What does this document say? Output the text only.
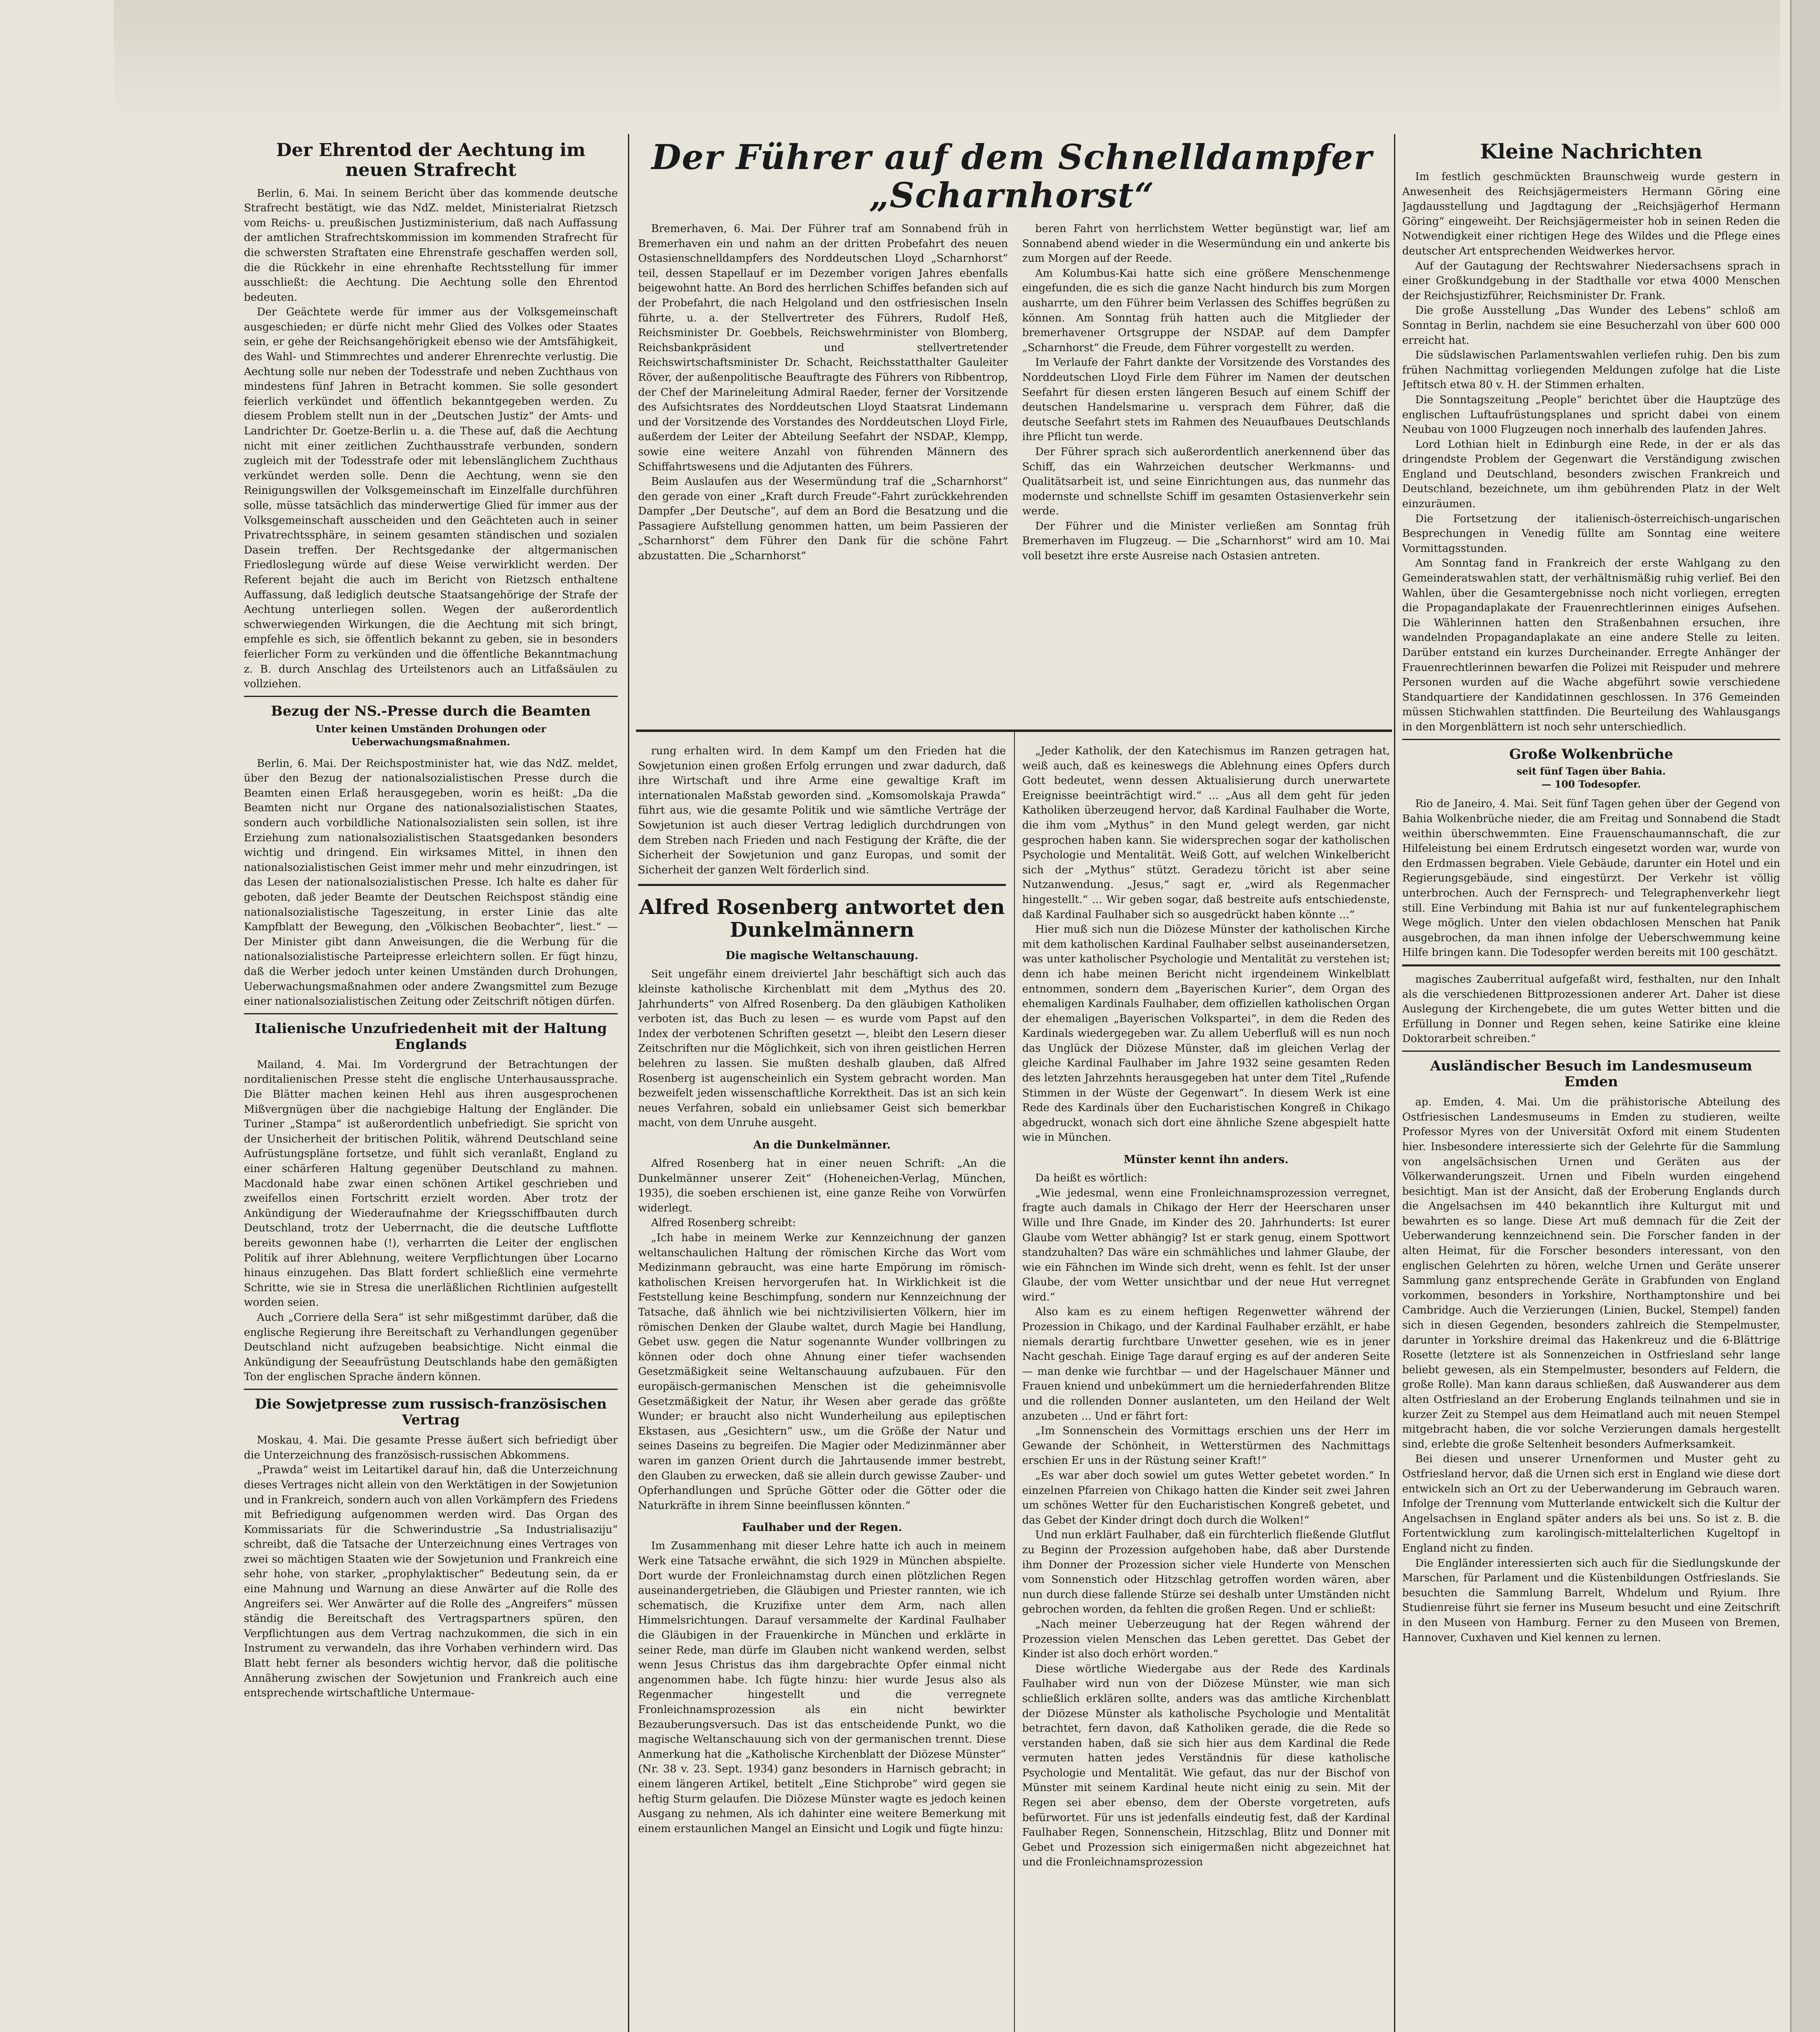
Der Ehrentod der Aechtung im neuen Strafrecht

Berlin, 6. Mai. In seinem Bericht über das kommende deutsche Strafrecht bestätigt, wie das NdZ. meldet, Ministerialrat Rietzsch vom Reichs- u. preußischen Justizministerium, daß nach Auffassung der amtlichen Strafrechtskommission im kommenden Strafrecht für die schwersten Straftaten eine Ehrenstrafe geschaffen werden soll, die die Rückkehr in eine ehrenhafte Rechtsstellung für immer ausschließt: die Aechtung. Die Aechtung solle den Ehrentod bedeuten.

Der Geächtete werde für immer aus der Volksgemeinschaft ausgeschieden; er dürfe nicht mehr Glied des Volkes oder Staates sein, er gehe der Reichsangehörigkeit ebenso wie der Amtsfähigkeit, des Wahl- und Stimmrechtes und anderer Ehrenrechte verlustig. Die Aechtung solle nur neben der Todesstrafe und neben Zuchthaus von mindestens fünf Jahren in Betracht kommen. Sie solle gesondert feierlich verkündet und öffentlich bekanntgegeben werden. Zu diesem Problem stellt nun in der „Deutschen Justiz“ der Amts- und Landrichter Dr. Goetze-Berlin u. a. die These auf, daß die Aechtung nicht mit einer zeitlichen Zuchthausstrafe verbunden, sondern zugleich mit der Todesstrafe oder mit lebenslänglichem Zuchthaus verkündet werden solle. Denn die Aechtung, wenn sie den Reinigungswillen der Volksgemeinschaft im Einzelfalle durchführen solle, müsse tatsächlich das minderwertige Glied für immer aus der Volksgemeinschaft ausscheiden und den Geächteten auch in seiner Privatrechtssphäre, in seinem gesamten ständischen und sozialen Dasein treffen. Der Rechtsgedanke der altgermanischen Friedloslegung würde auf diese Weise verwirklicht werden. Der Referent bejaht die auch im Bericht von Rietzsch enthaltene Auffassung, daß lediglich deutsche Staatsangehörige der Strafe der Aechtung unterliegen sollen. Wegen der außerordentlich schwerwiegenden Wirkungen, die die Aechtung mit sich bringt, empfehle es sich, sie öffentlich bekannt zu geben, sie in besonders feierlicher Form zu verkünden und die öffentliche Bekanntmachung z. B. durch Anschlag des Urteilstenors auch an Litfaßsäulen zu vollziehen.

Bezug der NS.-Presse durch die Beamten
Unter keinen Umständen Drohungen oder Ueberwachungsmaßnahmen.

Berlin, 6. Mai. Der Reichspostminister hat, wie das NdZ. meldet, über den Bezug der nationalsozialistischen Presse durch die Beamten einen Erlaß herausgegeben, worin es heißt: „Da die Beamten nicht nur Organe des nationalsozialistischen Staates, sondern auch vorbildliche Nationalsozialisten sein sollen, ist ihre Erziehung zum nationalsozialistischen Staatsgedanken besonders wichtig und dringend. Ein wirksames Mittel, in ihnen den nationalsozialistischen Geist immer mehr und mehr einzudringen, ist das Lesen der nationalsozialistischen Presse. Ich halte es daher für geboten, daß jeder Beamte der Deutschen Reichspost ständig eine nationalsozialistische Tageszeitung, in erster Linie das alte Kampfblatt der Bewegung, den „Völkischen Beobachter“, liest.“ — Der Minister gibt dann Anweisungen, die die Werbung für die nationalsozialistische Parteipresse erleichtern sollen. Er fügt hinzu, daß die Werber jedoch unter keinen Umständen durch Drohungen, Ueberwachungsmaßnahmen oder andere Zwangsmittel zum Bezuge einer nationalsozialistischen Zeitung oder Zeitschrift nötigen dürfen.

Italienische Unzufriedenheit mit der Haltung Englands

Mailand, 4. Mai. Im Vordergrund der Betrachtungen der norditalienischen Presse steht die englische Unterhausaussprache. Die Blätter machen keinen Hehl aus ihren ausgesprochenen Mißvergnügen über die nachgiebige Haltung der Engländer. Die Turiner „Stampa“ ist außerordentlich unbefriedigt. Sie spricht von der Unsicherheit der britischen Politik, während Deutschland seine Aufrüstungspläne fortsetze, und fühlt sich veranlaßt, England zu einer schärferen Haltung gegenüber Deutschland zu mahnen. Macdonald habe zwar einen schönen Artikel geschrieben und zweifellos einen Fortschritt erzielt worden. Aber trotz der Ankündigung der Wiederaufnahme der Kriegsschiffbauten durch Deutschland, trotz der Ueberrnacht, die die deutsche Luftflotte bereits gewonnen habe (!), verharrten die Leiter der englischen Politik auf ihrer Ablehnung, weitere Verpflichtungen über Locarno hinaus einzugehen. Das Blatt fordert schließlich eine vermehrte Schritte, wie sie in Stresa die unerläßlichen Richtlinien aufgestellt worden seien.

Auch „Corriere della Sera“ ist sehr mißgestimmt darüber, daß die englische Regierung ihre Bereitschaft zu Verhandlungen gegenüber Deutschland nicht aufzugeben beabsichtige. Nicht einmal die Ankündigung der Seeaufrüstung Deutschlands habe den gemäßigten Ton der englischen Sprache ändern können.

Die Sowjetpresse zum russisch-französischen Vertrag

Moskau, 4. Mai. Die gesamte Presse äußert sich befriedigt über die Unterzeichnung des französisch-russischen Abkommens.

„Prawda“ weist im Leitartikel darauf hin, daß die Unterzeichnung dieses Vertrages nicht allein von den Werktätigen in der Sowjetunion und in Frankreich, sondern auch von allen Vorkämpfern des Friedens mit Befriedigung aufgenommen werden wird. Das Organ des Kommissariats für die Schwerindustrie „Sa Industrialisaziju“ schreibt, daß die Tatsache der Unterzeichnung eines Vertrages von zwei so mächtigen Staaten wie der Sowjetunion und Frankreich eine sehr hohe, von starker, „prophylaktischer“ Bedeutung sein, da er eine Mahnung und Warnung an diese Anwärter auf die Rolle des Angreifers sei. Wer Anwärter auf die Rolle des „Angreifers“ müssen ständig die Bereitschaft des Vertragspartners spüren, den Verpflichtungen aus dem Vertrag nachzukommen, die sich in ein Instrument zu verwandeln, das ihre Vorhaben verhindern wird. Das Blatt hebt ferner als besonders wichtig hervor, daß die politische Annäherung zwischen der Sowjetunion und Frankreich auch eine entsprechende wirtschaftliche Untermaue-

Der Führer auf dem Schnelldampfer „Scharnhorst“

Bremerhaven, 6. Mai. Der Führer traf am Sonnabend früh in Bremerhaven ein und nahm an der dritten Probefahrt des neuen Ostasienschnelldampfers des Norddeutschen Lloyd „Scharnhorst“ teil, dessen Stapellauf er im Dezember vorigen Jahres ebenfalls beigewohnt hatte. An Bord des herrlichen Schiffes befanden sich auf der Probefahrt, die nach Helgoland und den ostfriesischen Inseln führte, u. a. der Stellvertreter des Führers, Rudolf Heß, Reichsminister Dr. Goebbels, Reichswehrminister von Blomberg, Reichsbankpräsident und stellvertretender Reichswirtschaftsminister Dr. Schacht, Reichsstatthalter Gauleiter Röver, der außenpolitische Beauftragte des Führers von Ribbentrop, der Chef der Marineleitung Admiral Raeder, ferner der Vorsitzende des Aufsichtsrates des Norddeutschen Lloyd Staatsrat Lindemann und der Vorsitzende des Vorstandes des Norddeutschen Lloyd Firle, außerdem der Leiter der Abteilung Seefahrt der NSDAP., Klempp, sowie eine weitere Anzahl von führenden Männern des Schiffahrtswesens und die Adjutanten des Führers.

Beim Auslaufen aus der Wesermündung traf die „Scharnhorst“ den gerade von einer „Kraft durch Freude“-Fahrt zurückkehrenden Dampfer „Der Deutsche“, auf dem an Bord die Besatzung und die Passagiere Aufstellung genommen hatten, um beim Passieren der „Scharnhorst“ dem Führer den Dank für die schöne Fahrt abzustatten. Die „Scharnhorst“

beren Fahrt von herrlichstem Wetter begünstigt war, lief am Sonnabend abend wieder in die Wesermündung ein und ankerte bis zum Morgen auf der Reede.

Am Kolumbus-Kai hatte sich eine größere Menschenmenge eingefunden, die es sich die ganze Nacht hindurch bis zum Morgen ausharrte, um den Führer beim Verlassen des Schiffes begrüßen zu können. Am Sonntag früh hatten auch die Mitglieder der bremerhavener Ortsgruppe der NSDAP. auf dem Dampfer „Scharnhorst“ die Freude, dem Führer vorgestellt zu werden.

Im Verlaufe der Fahrt dankte der Vorsitzende des Vorstandes des Norddeutschen Lloyd Firle dem Führer im Namen der deutschen Seefahrt für diesen ersten längeren Besuch auf einem Schiff der deutschen Handelsmarine u. versprach dem Führer, daß die deutsche Seefahrt stets im Rahmen des Neuaufbaues Deutschlands ihre Pflicht tun werde.

Der Führer sprach sich außerordentlich anerkennend über das Schiff, das ein Wahrzeichen deutscher Werkmanns- und Qualitätsarbeit ist, und seine Einrichtungen aus, das nunmehr das modernste und schnellste Schiff im gesamten Ostasienverkehr sein werde.

Der Führer und die Minister verließen am Sonntag früh Bremerhaven im Flugzeug. — Die „Scharnhorst“ wird am 10. Mai voll besetzt ihre erste Ausreise nach Ostasien antreten.

rung erhalten wird. In dem Kampf um den Frieden hat die Sowjetunion einen großen Erfolg errungen und zwar dadurch, daß ihre Wirtschaft und ihre Arme eine gewaltige Kraft im internationalen Maßstab geworden sind. „Komsomolskaja Prawda“ führt aus, wie die gesamte Politik und wie sämtliche Verträge der Sowjetunion ist auch dieser Vertrag lediglich durchdrungen von dem Streben nach Frieden und nach Festigung der Kräfte, die der Sicherheit der Sowjetunion und ganz Europas, und somit der Sicherheit der ganzen Welt förderlich sind.

Alfred Rosenberg antwortet den Dunkelmännern
Die magische Weltanschauung.

Seit ungefähr einem dreiviertel Jahr beschäftigt sich auch das kleinste katholische Kirchenblatt mit dem „Mythus des 20. Jahrhunderts“ von Alfred Rosenberg. Da den gläubigen Katholiken verboten ist, das Buch zu lesen — es wurde vom Papst auf den Index der verbotenen Schriften gesetzt —, bleibt den Lesern dieser Zeitschriften nur die Möglichkeit, sich von ihren geistlichen Herren belehren zu lassen. Sie mußten deshalb glauben, daß Alfred Rosenberg ist augenscheinlich ein System gebracht worden. Man bezweifelt jeden wissenschaftliche Korrektheit. Das ist an sich kein neues Verfahren, sobald ein unliebsamer Geist sich bemerkbar macht, von dem Unruhe ausgeht.

An die Dunkelmänner.

Alfred Rosenberg hat in einer neuen Schrift: „An die Dunkelmänner unserer Zeit“ (Hoheneichen-Verlag, München, 1935), die soeben erschienen ist, eine ganze Reihe von Vorwürfen widerlegt.

Alfred Rosenberg schreibt:

„Ich habe in meinem Werke zur Kennzeichnung der ganzen weltanschaulichen Haltung der römischen Kirche das Wort vom Medizinmann gebraucht, was eine harte Empörung im römisch-katholischen Kreisen hervorgerufen hat. In Wirklichkeit ist die Feststellung keine Beschimpfung, sondern nur Kennzeichnung der Tatsache, daß ähnlich wie bei nichtzivilisierten Völkern, hier im römischen Denken der Glaube waltet, durch Magie bei Handlung, Gebet usw. gegen die Natur sogenannte Wunder vollbringen zu können oder doch ohne Ahnung einer tiefer wachsenden Gesetzmäßigkeit seine Weltanschauung aufzubauen. Für den europäisch-germanischen Menschen ist die geheimnisvolle Gesetzmäßigkeit der Natur, ihr Wesen aber gerade das größte Wunder; er braucht also nicht Wunderheilung aus epileptischen Ekstasen, aus „Gesichtern“ usw., um die Größe der Natur und seines Daseins zu begreifen. Die Magier oder Medizinmänner aber waren im ganzen Orient durch die Jahrtausende immer bestrebt, den Glauben zu erwecken, daß sie allein durch gewisse Zauber- und Opferhandlungen und Sprüche Götter oder die Götter oder die Naturkräfte in ihrem Sinne beeinflussen könnten.“

Faulhaber und der Regen.

Im Zusammenhang mit dieser Lehre hatte ich auch in meinem Werk eine Tatsache erwähnt, die sich 1929 in München abspielte. Dort wurde der Fronleichnamstag durch einen plötzlichen Regen auseinandergetrieben, die Gläubigen und Priester rannten, wie ich schematisch, die Kruzifixe unter dem Arm, nach allen Himmelsrichtungen. Darauf versammelte der Kardinal Faulhaber die Gläubigen in der Frauenkirche in München und erklärte in seiner Rede, man dürfe im Glauben nicht wankend werden, selbst wenn Jesus Christus das ihm dargebrachte Opfer einmal nicht angenommen habe. Ich fügte hinzu: hier wurde Jesus also als Regenmacher hingestellt und die verregnete Fronleichnamsprozession als ein nicht bewirkter Bezauberungsversuch. Das ist das entscheidende Punkt, wo die magische Weltanschauung sich von der germanischen trennt. Diese Anmerkung hat die „Katholische Kirchenblatt der Diözese Münster“ (Nr. 38 v. 23. Sept. 1934) ganz besonders in Harnisch gebracht; in einem längeren Artikel, betitelt „Eine Stichprobe“ wird gegen sie heftig Sturm gelaufen. Die Diözese Münster wagte es jedoch keinen Ausgang zu nehmen, Als ich dahinter eine weitere Bemerkung mit einem erstaunlichen Mangel an Einsicht und Logik und fügte hinzu:

„Jeder Katholik, der den Katechismus im Ranzen getragen hat, weiß auch, daß es keineswegs die Ablehnung eines Opfers durch Gott bedeutet, wenn dessen Aktualisierung durch unerwartete Ereignisse beeinträchtigt wird.“ ... „Aus all dem geht für jeden Katholiken überzeugend hervor, daß Kardinal Faulhaber die Worte, die ihm vom „Mythus“ in den Mund gelegt werden, gar nicht gesprochen haben kann. Sie widersprechen sogar der katholischen Psychologie und Mentalität. Weiß Gott, auf welchen Winkelbericht sich der „Mythus“ stützt. Geradezu töricht ist aber seine Nutzanwendung. „Jesus,“ sagt er, „wird als Regenmacher hingestellt.“ ... Wir geben sogar, daß bestreite aufs entschiedenste, daß Kardinal Faulhaber sich so ausgedrückt haben könnte ...“

Hier muß sich nun die Diözese Münster der katholischen Kirche mit dem katholischen Kardinal Faulhaber selbst auseinandersetzen, was unter katholischer Psychologie und Mentalität zu verstehen ist; denn ich habe meinen Bericht nicht irgendeinem Winkelblatt entnommen, sondern dem „Bayerischen Kurier“, dem Organ des ehemaligen Kardinals Faulhaber, dem offiziellen katholischen Organ der ehemaligen „Bayerischen Volkspartei“, in dem die Reden des Kardinals wiedergegeben war. Zu allem Ueberfluß will es nun noch das Unglück der Diözese Münster, daß im gleichen Verlag der gleiche Kardinal Faulhaber im Jahre 1932 seine gesamten Reden des letzten Jahrzehnts herausgegeben hat unter dem Titel „Rufende Stimmen in der Wüste der Gegenwart“. In diesem Werk ist eine Rede des Kardinals über den Eucharistischen Kongreß in Chikago abgedruckt, wonach sich dort eine ähnliche Szene abgespielt hatte wie in München.

Münster kennt ihn anders.

Da heißt es wörtlich:

„Wie jedesmal, wenn eine Fronleichnamsprozession verregnet, fragte auch damals in Chikago der Herr der Heerscharen unser Wille und Ihre Gnade, im Kinder des 20. Jahrhunderts: Ist eurer Glaube vom Wetter abhängig? Ist er stark genug, einem Spottwort standzuhalten? Das wäre ein schmähliches und lahmer Glaube, der wie ein Fähnchen im Winde sich dreht, wenn es fehlt. Ist der unser Glaube, der vom Wetter unsichtbar und der neue Hut verregnet wird.“

Also kam es zu einem heftigen Regenwetter während der Prozession in Chikago, und der Kardinal Faulhaber erzählt, er habe niemals derartig furchtbare Unwetter gesehen, wie es in jener Nacht geschah. Einige Tage darauf erging es auf der anderen Seite — man denke wie furchtbar — und der Hagelschauer Männer und Frauen kniend und unbekümmert um die herniederfahrenden Blitze und die rollenden Donner auslanteten, um den Heiland der Welt anzubeten ... Und er fährt fort:

„Im Sonnenschein des Vormittags erschien uns der Herr im Gewande der Schönheit, in Wetterstürmen des Nachmittags erschien Er uns in der Rüstung seiner Kraft!“

„Es war aber doch sowiel um gutes Wetter gebetet worden.“ In einzelnen Pfarreien von Chikago hatten die Kinder seit zwei Jahren um schönes Wetter für den Eucharistischen Kongreß gebetet, und das Gebet der Kinder dringt doch durch die Wolken!“

Und nun erklärt Faulhaber, daß ein fürchterlich fließende Glutflut zu Beginn der Prozession aufgehoben habe, daß aber Durstende ihm Donner der Prozession sicher viele Hunderte von Menschen vom Sonnenstich oder Hitzschlag getroffen worden wären, aber nun durch diese fallende Stürze sei deshalb unter Umständen nicht gebrochen worden, da fehlten die großen Regen. Und er schließt:

„Nach meiner Ueberzeugung hat der Regen während der Prozession vielen Menschen das Leben gerettet. Das Gebet der Kinder ist also doch erhört worden.“

Diese wörtliche Wiedergabe aus der Rede des Kardinals Faulhaber wird nun von der Diözese Münster, wie man sich schließlich erklären sollte, anders was das amtliche Kirchenblatt der Diözese Münster als katholische Psychologie und Mentalität betrachtet, fern davon, daß Katholiken gerade, die die Rede so verstanden haben, daß sie sich hier aus dem Kardinal die Rede vermuten hatten jedes Verständnis für diese katholische Psychologie und Mentalität. Wie gefaut, das nur der Bischof von Münster mit seinem Kardinal heute nicht einig zu sein. Mit der Regen sei aber ebenso, dem der Oberste vorgetreten, aufs befürwortet. Für uns ist jedenfalls eindeutig fest, daß der Kardinal Faulhaber Regen, Sonnenschein, Hitzschlag, Blitz und Donner mit Gebet und Prozession sich einigermaßen nicht abgezeichnet hat und die Fronleichnamsprozession

Kleine Nachrichten

Im festlich geschmückten Braunschweig wurde gestern in Anwesenheit des Reichsjägermeisters Hermann Göring eine Jagdausstellung und Jagdtagung der „Reichsjägerhof Hermann Göring“ eingeweiht. Der Reichsjägermeister hob in seinen Reden die Notwendigkeit einer richtigen Hege des Wildes und die Pflege eines deutscher Art entsprechenden Weidwerkes hervor.

Auf der Gautagung der Rechtswahrer Niedersachsens sprach in einer Großkundgebung in der Stadthalle vor etwa 4000 Menschen der Reichsjustizführer, Reichsminister Dr. Frank.

Die große Ausstellung „Das Wunder des Lebens“ schloß am Sonntag in Berlin, nachdem sie eine Besucherzahl von über 600 000 erreicht hat.

Die südslawischen Parlamentswahlen verliefen ruhig. Den bis zum frühen Nachmittag vorliegenden Meldungen zufolge hat die Liste Jeftitsch etwa 80 v. H. der Stimmen erhalten.

Die Sonntagszeitung „People“ berichtet über die Hauptzüge des englischen Luftaufrüstungsplanes und spricht dabei von einem Neubau von 1000 Flugzeugen noch innerhalb des laufenden Jahres.

Lord Lothian hielt in Edinburgh eine Rede, in der er als das dringendste Problem der Gegenwart die Verständigung zwischen England und Deutschland, besonders zwischen Frankreich und Deutschland, bezeichnete, um ihm gebührenden Platz in der Welt einzuräumen.

Die Fortsetzung der italienisch-österreichisch-ungarischen Besprechungen in Venedig füllte am Sonntag eine weitere Vormittagsstunden.

Am Sonntag fand in Frankreich der erste Wahlgang zu den Gemeinderatswahlen statt, der verhältnismäßig ruhig verlief. Bei den Wahlen, über die Gesamtergebnisse noch nicht vorliegen, erregten die Propagandaplakate der Frauenrechtlerinnen einiges Aufsehen. Die Wählerinnen hatten den Straßenbahnen ersuchen, ihre wandelnden Propagandaplakate an eine andere Stelle zu leiten. Darüber entstand ein kurzes Durcheinander. Erregte Anhänger der Frauenrechtlerinnen bewarfen die Polizei mit Reispuder und mehrere Personen wurden auf die Wache abgeführt sowie verschiedene Standquartiere der Kandidatinnen geschlossen. In 376 Gemeinden müssen Stichwahlen stattfinden. Die Beurteilung des Wahlausgangs in den Morgenblättern ist noch sehr unterschiedlich.

Große Wolkenbrüche
seit fünf Tagen über Bahia.
— 100 Todesopfer.

Rio de Janeiro, 4. Mai. Seit fünf Tagen gehen über der Gegend von Bahia Wolkenbrüche nieder, die am Freitag und Sonnabend die Stadt weithin überschwemmten. Eine Frauenschaumannschaft, die zur Hilfeleistung bei einem Erdrutsch eingesetzt worden war, wurde von den Erdmassen begraben. Viele Gebäude, darunter ein Hotel und ein Regierungsgebäude, sind eingestürzt. Der Verkehr ist völlig unterbrochen. Auch der Fernsprech- und Telegraphenverkehr liegt still. Eine Verbindung mit Bahia ist nur auf funkentelegraphischem Wege möglich. Unter den vielen obdachlosen Menschen hat Panik ausgebrochen, da man ihnen infolge der Ueberschwemmung keine Hilfe bringen kann. Die Todesopfer werden bereits mit 100 geschätzt.

magisches Zauberritual aufgefaßt wird, festhalten, nur den Inhalt als die verschiedenen Bittprozessionen anderer Art. Daher ist diese Auslegung der Kirchengebete, die um gutes Wetter bitten und die Erfüllung in Donner und Regen sehen, keine Satirike eine kleine Doktorarbeit schreiben.“

Ausländischer Besuch im Landesmuseum Emden

ap. Emden, 4. Mai. Um die prähistorische Abteilung des Ostfriesischen Landesmuseums in Emden zu studieren, weilte Professor Myres von der Universität Oxford mit einem Studenten hier. Insbesondere interessierte sich der Gelehrte für die Sammlung von angelsächsischen Urnen und Geräten aus der Völkerwanderungszeit. Urnen und Fibeln wurden eingehend besichtigt. Man ist der Ansicht, daß der Eroberung Englands durch die Angelsachsen im 440 bekanntlich ihre Kulturgut mit und bewahrten es so lange. Diese Art muß demnach für die Zeit der Ueberwanderung kennzeichnend sein. Die Forscher fanden in der alten Heimat, für die Forscher besonders interessant, von den englischen Gelehrten zu hören, welche Urnen und Geräte unserer Sammlung ganz entsprechende Geräte in Grabfunden von England vorkommen, besonders in Yorkshire, Northamptonshire und bei Cambridge. Auch die Verzierungen (Linien, Buckel, Stempel) fanden sich in diesen Gegenden, besonders zahlreich die Stempelmuster, darunter in Yorkshire dreimal das Hakenkreuz und die 6-Blättrige Rosette (letztere ist als Sonnenzeichen in Ostfriesland sehr lange beliebt gewesen, als ein Stempelmuster, besonders auf Feldern, die große Rolle). Man kann daraus schließen, daß Auswanderer aus dem alten Ostfriesland an der Eroberung Englands teilnahmen und sie in kurzer Zeit zu Stempel aus dem Heimatland auch mit neuen Stempel mitgebracht haben, die vor solche Verzierungen damals hergestellt sind, erlebte die große Seltenheit besonders Aufmerksamkeit.

Bei diesen und unserer Urnenformen und Muster geht zu Ostfriesland hervor, daß die Urnen sich erst in England wie diese dort entwickeln sich an Ort zu der Ueberwanderung im Gebrauch waren. Infolge der Trennung vom Mutterlande entwickelt sich die Kultur der Angelsachsen in England später anders als bei uns. So ist z. B. die Fortentwicklung zum karolingisch-mittelalterlichen Kugeltopf in England nicht zu finden.

Die Engländer interessierten sich auch für die Siedlungskunde der Marschen, für Parlament und die Küstenbildungen Ostfrieslands. Sie besuchten die Sammlung Barrelt, Whdelum und Ryium. Ihre Studienreise führt sie ferner ins Museum besucht und eine Zeitschrift in den Museen von Hamburg. Ferner zu den Museen von Bremen, Hannover, Cuxhaven und Kiel kennen zu lernen.
